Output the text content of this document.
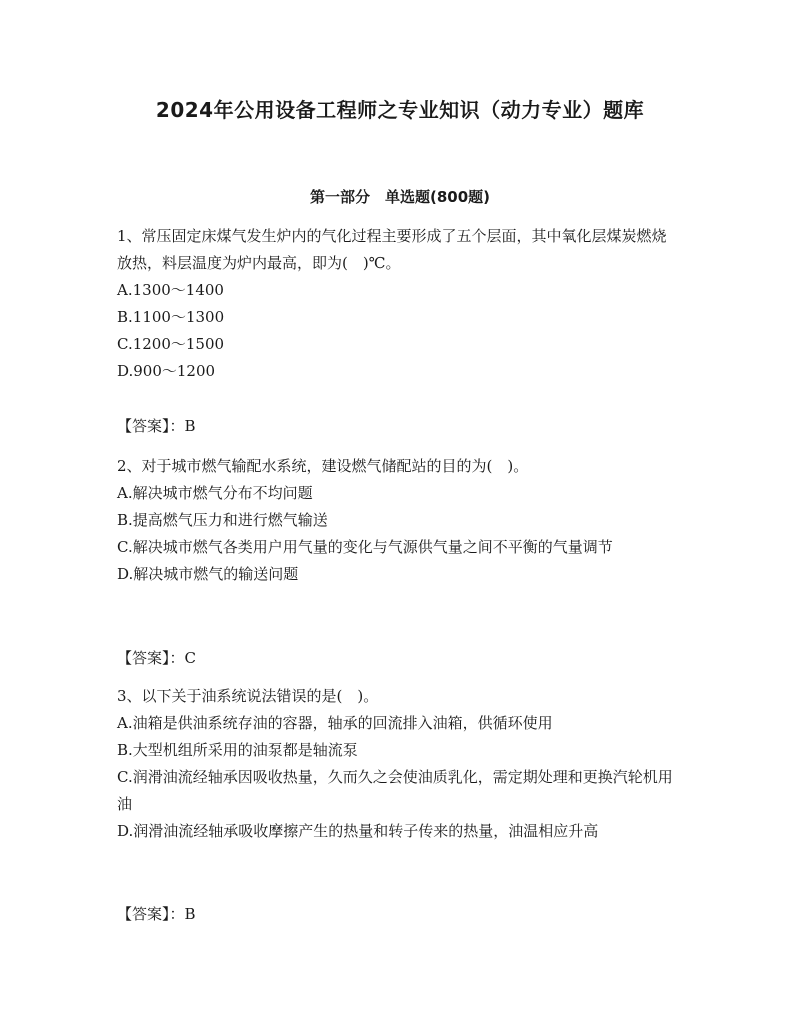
2024年公用设备工程师之专业知识（动力专业）题库
第一部分　单选题(800题)
1、常压固定床煤气发生炉内的气化过程主要形成了五个层面，其中氧化层煤炭燃烧放热，料层温度为炉内最高，即为(　)℃。
A.1300～1400
B.1100～1300
C.1200～1500
D.900～1200
【答案】：B
2、对于城市燃气输配水系统，建设燃气储配站的目的为(　)。
A.解决城市燃气分布不均问题
B.提高燃气压力和进行燃气输送
C.解决城市燃气各类用户用气量的变化与气源供气量之间不平衡的气量调节
D.解决城市燃气的输送问题
【答案】：C
3、以下关于油系统说法错误的是(　)。
A.油箱是供油系统存油的容器，轴承的回流排入油箱，供循环使用
B.大型机组所采用的油泵都是轴流泵
C.润滑油流经轴承因吸收热量，久而久之会使油质乳化，需定期处理和更换汽轮机用油
D.润滑油流经轴承吸收摩擦产生的热量和转子传来的热量，油温相应升高
【答案】：B
